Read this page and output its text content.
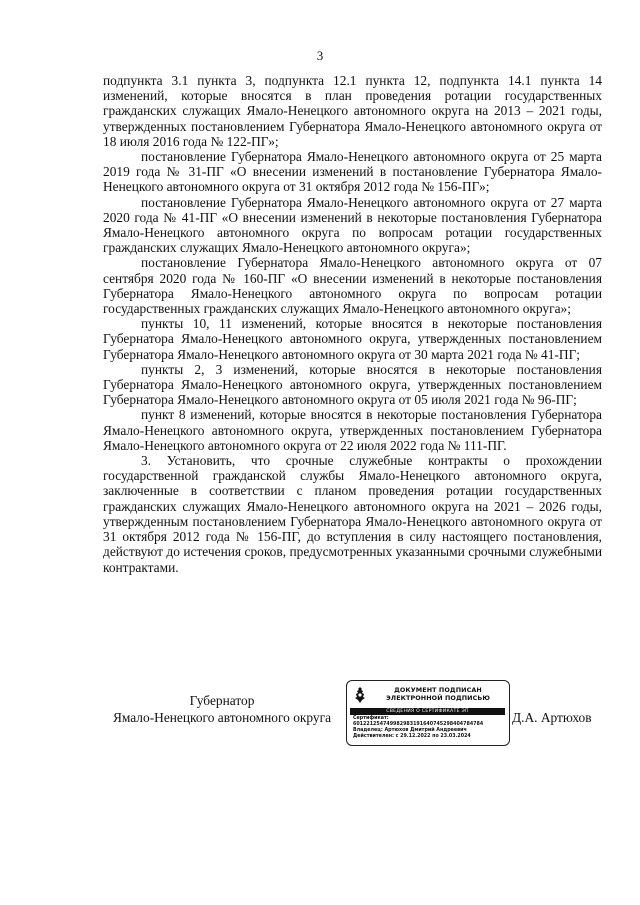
3

подпункта 3.1 пункта 3, подпункта 12.1 пункта 12, подпункта 14.1 пункта 14 изменений, которые вносятся в план проведения ротации государственных гражданских служащих Ямало-Ненецкого автономного округа на 2013 – 2021 годы, утвержденных постановлением Губернатора Ямало-Ненецкого автономного округа от 18 июля 2016 года № 122-ПГ»;

постановление Губернатора Ямало-Ненецкого автономного округа от 25 марта 2019 года № 31-ПГ «О внесении изменений в постановление Губернатора Ямало-Ненецкого автономного округа от 31 октября 2012 года № 156-ПГ»;

постановление Губернатора Ямало-Ненецкого автономного округа от 27 марта 2020 года № 41-ПГ «О внесении изменений в некоторые постановления Губернатора Ямало-Ненецкого автономного округа по вопросам ротации государственных гражданских служащих Ямало-Ненецкого автономного округа»;

постановление Губернатора Ямало-Ненецкого автономного округа от 07 сентября 2020 года № 160-ПГ «О внесении изменений в некоторые постановления Губернатора Ямало-Ненецкого автономного округа по вопросам ротации государственных гражданских служащих Ямало-Ненецкого автономного округа»;

пункты 10, 11 изменений, которые вносятся в некоторые постановления Губернатора Ямало-Ненецкого автономного округа, утвержденных постановлением Губернатора Ямало-Ненецкого автономного округа от 30 марта 2021 года № 41-ПГ;

пункты 2, 3 изменений, которые вносятся в некоторые постановления Губернатора Ямало-Ненецкого автономного округа, утвержденных постановлением Губернатора Ямало-Ненецкого автономного округа от 05 июля 2021 года № 96-ПГ;

пункт 8 изменений, которые вносятся в некоторые постановления Губернатора Ямало-Ненецкого автономного округа, утвержденных постановлением Губернатора Ямало-Ненецкого автономного округа от 22 июля 2022 года № 111-ПГ.

3. Установить, что срочные служебные контракты о прохождении государственной гражданской службы Ямало-Ненецкого автономного округа, заключенные в соответствии с планом проведения ротации государственных гражданских служащих Ямало-Ненецкого автономного округа на 2021 – 2026 годы, утвержденным постановлением Губернатора Ямало-Ненецкого автономного округа от 31 октября 2012 года № 156-ПГ, до вступления в силу настоящего постановления, действуют до истечения сроков, предусмотренных указанными срочными служебными контрактами.

Губернатор
Ямало-Ненецкого автономного округа	Д.А. Артюхов
ДОКУМЕНТ ПОДПИСАН
ЭЛЕКТРОННОЙ ПОДПИСЬЮ
СВЕДЕНИЯ О СЕРТИФИКАТЕ ЭП
Сертификат:
601221254749982983191640745298404784784
Владелец: Артюхов Дмитрий Андреевич
Действителен: с 29.12.2022 по 23.03.2024
